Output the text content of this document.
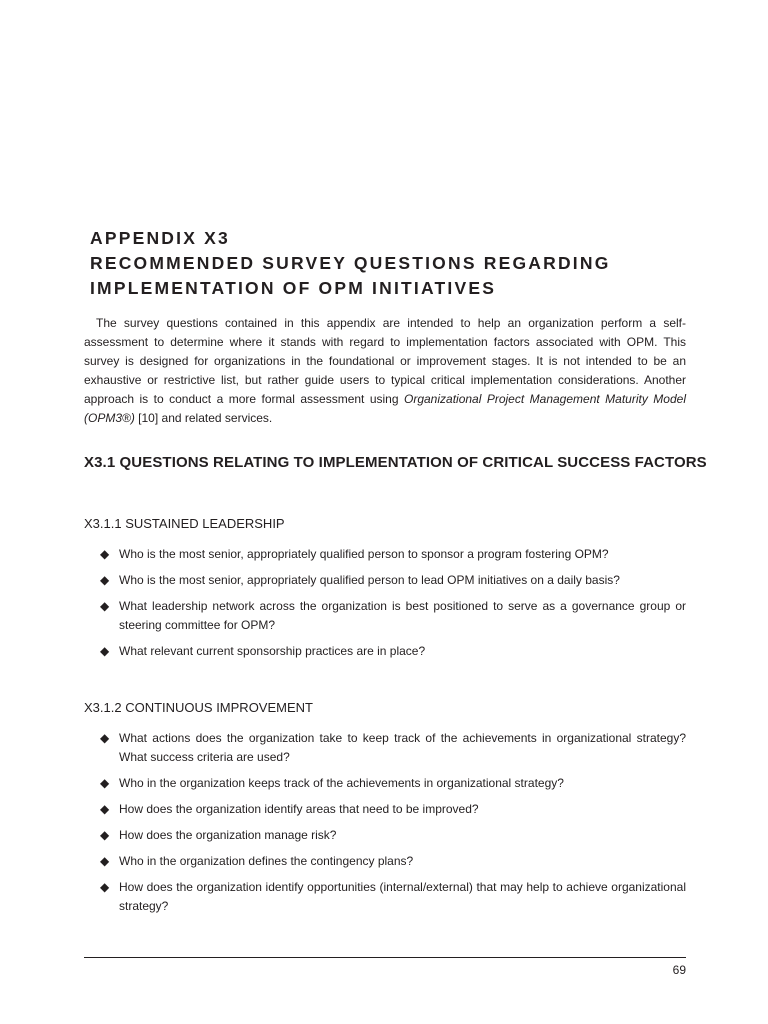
APPENDIX X3
RECOMMENDED SURVEY QUESTIONS REGARDING
IMPLEMENTATION OF OPM INITIATIVES

The survey questions contained in this appendix are intended to help an organization perform a self-assessment to determine where it stands with regard to implementation factors associated with OPM. This survey is designed for organizations in the foundational or improvement stages. It is not intended to be an exhaustive or restrictive list, but rather guide users to typical critical implementation considerations. Another approach is to conduct a more formal assessment using Organizational Project Management Maturity Model (OPM3®) [10] and related services.

X3.1 QUESTIONS RELATING TO IMPLEMENTATION OF CRITICAL SUCCESS FACTORS
X3.1.1 SUSTAINED LEADERSHIP
◆ Who is the most senior, appropriately qualified person to sponsor a program fostering OPM?
◆ Who is the most senior, appropriately qualified person to lead OPM initiatives on a daily basis?
◆ What leadership network across the organization is best positioned to serve as a governance group or steering committee for OPM?
◆ What relevant current sponsorship practices are in place?
X3.1.2 CONTINUOUS IMPROVEMENT
◆ What actions does the organization take to keep track of the achievements in organizational strategy? What success criteria are used?
◆ Who in the organization keeps track of the achievements in organizational strategy?
◆ How does the organization identify areas that need to be improved?
◆ How does the organization manage risk?
◆ Who in the organization defines the contingency plans?
◆ How does the organization identify opportunities (internal/external) that may help to achieve organizational strategy?
69
